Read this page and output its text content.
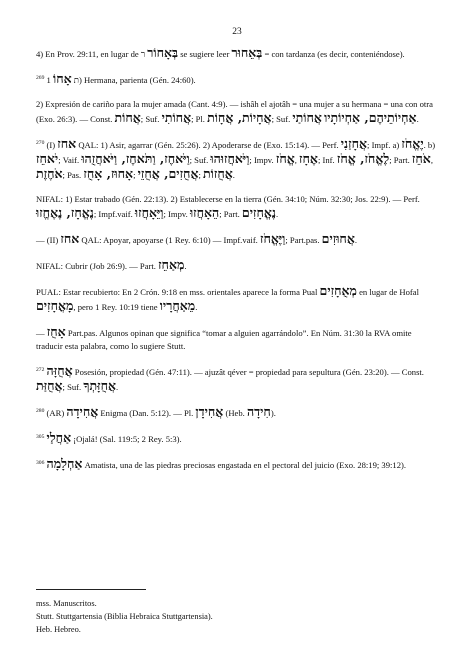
23
4) En Prov. 29:11, en lugar de ר בְּאָחוֹר se sugiere leer בְּאֵחוּר = con tardanza (es decir, conteniéndose).
$^{269}$ ת אָחוֹ 1) Hermana, parienta (Gén. 24:60).
2) Expresión de cariño para la mujer amada (Cant. 4:9). — ishâh el ajotâh = una mujer a su hermana = una con otra (Exo. 26:3). — Const. אֲחוֹת; Suf. אֲחוֹתִי; Pl. אֲחָיוֹת, אֲחָוֹת; Suf. אֲחוֹתַי אַחְיוֹתֵיהֶם, אַחְיוֹתָיו.
$^{270}$ (I) אחז QAL: 1) Asir, agarrar (Gén. 25:26). 2) Apoderarse de (Exo. 15:14). — Perf. אֲחָזַנִי; Impf. a) יֶאֱחֹז. b) יֹאחֵז; Vaif. וַיֹּאחֶז, וַתֹּאחֶז, וַיֹּאחֲזֻהוּ; Suf. וַיֹּאחֲזוּהוּ; Impv. אֱחֹז, אֶחָז; Inf. לֶאֱחֹז, אֱחֹז; Part. אֹחֵז, אֹחֶזֶת; Pas. אָחוּז, אָחֻז; אֲחֻזִים, אֲחֻזֵי; אֲחֻזוֹת.
NIFAL: 1) Estar trabado (Gén. 22:13). 2) Establecerse en la tierra (Gén. 34:10; Núm. 32:30; Jos. 22:9). — Perf. נֶאֱחָז, נֶאֶחֱזוּ; Impf.vaif. וַיֵּאָחֲזוּ; Impv. הֵאָחֲזוּ; Part. נֶאֱחָזִים.
— (II) אחז QAL: Apoyar, apoyarse (1 Rey. 6:10) — Impf.vaif. וַיֶּאֱחֹז; Part.pas. אֲחוּזִים.
NIFAL: Cubrir (Job 26:9). — Part. מְאַחֵז.
PUAL: Estar recubierto: En 2 Crón. 9:18 en mss. orientales aparece la forma Pual מְאֻחָזִים en lugar de Hofal מָאֳחָזִים, pero 1 Rey. 10:19 tiene מֵאַחֲרָיו.
— אָחֻז Part.pas. Algunos opinan que significa “tomar a alguien agarrándolo”. En Núm. 31:30 la RVA omite traducir esta palabra, como lo sugiere Stutt.
$^{272}$ אֲחֻזָּה Posesión, propiedad (Gén. 47:11). — ajuzât qéver = propiedad para sepultura (Gén. 23:20). — Const. אֲחֻזַּת; Suf. אֲחֻזָּתְךָ.
$^{280}$ (AR) אֲחִידָה Enigma (Dan. 5:12). — Pl. אֲחִידָן (Heb. חִידָה).
$^{305}$ אַחֲלַי ¡Ojalá! (Sal. 119:5; 2 Rey. 5:3).
$^{306}$ אַחְלָמָה Amatista, una de las piedras preciosas engastada en el pectoral del juicio (Exo. 28:19; 39:12).
mss. Manuscritos.
Stutt. Stuttgartensia (Biblia Hebraica Stuttgartensia).
Heb. Hebreo.
